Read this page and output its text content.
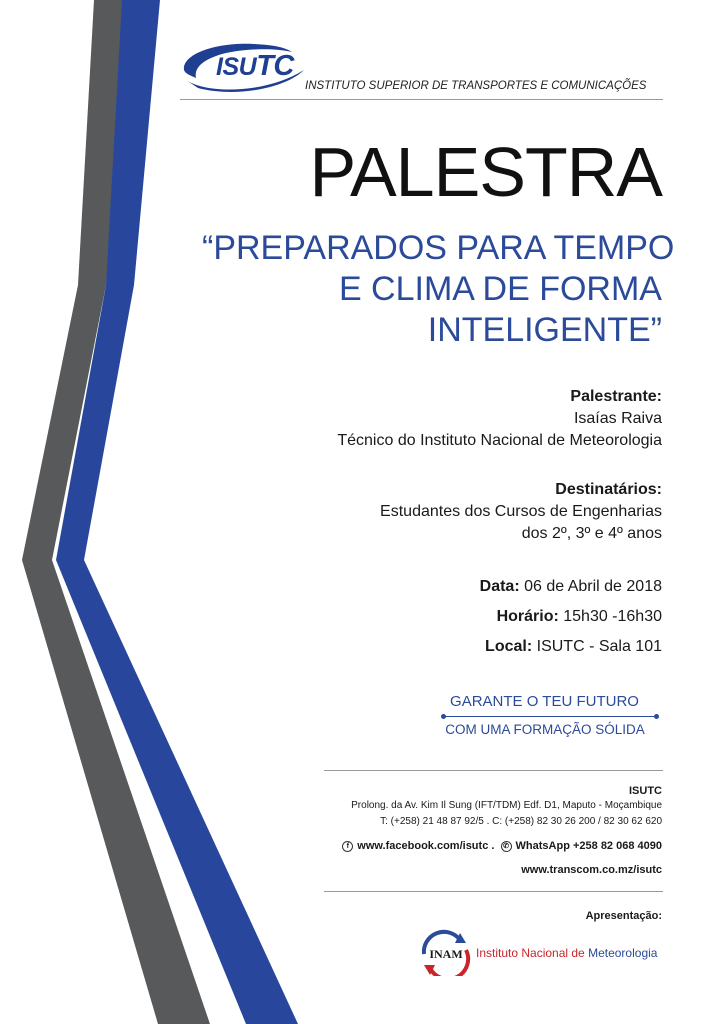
ISUTC
INSTITUTO SUPERIOR DE TRANSPORTES E COMUNICAÇÕES
PALESTRA
“PREPARADOS PARA TEMPO
E CLIMA DE FORMA
INTELIGENTE”
Palestrante:
Isaías Raiva
Técnico do Instituto Nacional de Meteorologia
Destinatários:
Estudantes dos Cursos de Engenharias
dos 2º, 3º e 4º anos
Data: 06 de Abril de 2018
Horário: 15h30 -16h30
Local: ISUTC - Sala 101
GARANTE O TEU FUTURO
COM UMA FORMAÇÃO SÓLIDA
ISUTC
Prolong. da Av. Kim Il Sung (IFT/TDM) Edf. D1, Maputo - Moçambique
T: (+258) 21 48 87 92/5 . C: (+258) 82 30 26 200 / 82 30 62 620
f www.facebook.com/isutc . ✆ WhatsApp +258 82 068 4090
www.transcom.co.mz/isutc
Apresentação:
INAM Instituto Nacional de Meteorologia
